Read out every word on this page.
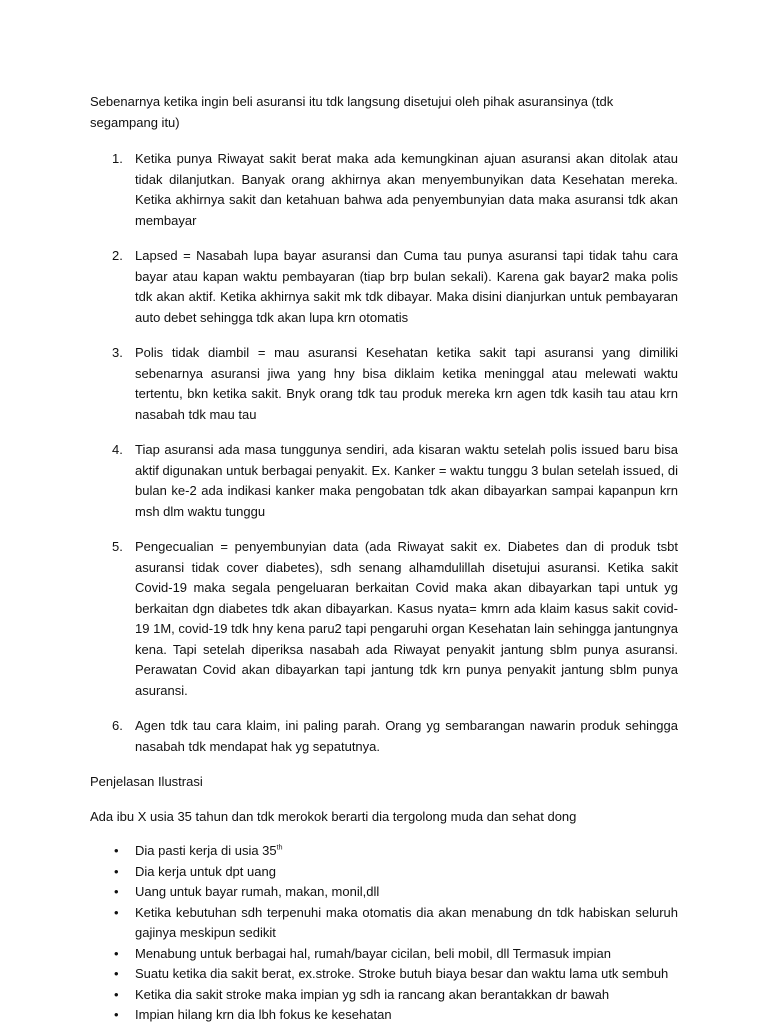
Sebenarnya ketika ingin beli asuransi itu tdk langsung disetujui oleh pihak asuransinya (tdk segampang itu)

1. Ketika punya Riwayat sakit berat maka ada kemungkinan ajuan asuransi akan ditolak atau tidak dilanjutkan. Banyak orang akhirnya akan menyembunyikan data Kesehatan mereka. Ketika akhirnya sakit dan ketahuan bahwa ada penyembunyian data maka asuransi tdk akan membayar
2. Lapsed = Nasabah lupa bayar asuransi dan Cuma tau punya asuransi tapi tidak tahu cara bayar atau kapan waktu pembayaran (tiap brp bulan sekali). Karena gak bayar2 maka polis tdk akan aktif. Ketika akhirnya sakit mk tdk dibayar. Maka disini dianjurkan untuk pembayaran auto debet sehingga tdk akan lupa krn otomatis
3. Polis tidak diambil = mau asuransi Kesehatan ketika sakit tapi asuransi yang dimiliki sebenarnya asuransi jiwa yang hny bisa diklaim ketika meninggal atau melewati waktu tertentu, bkn ketika sakit. Bnyk orang tdk tau produk mereka krn agen tdk kasih tau atau krn nasabah tdk mau tau
4. Tiap asuransi ada masa tunggunya sendiri, ada kisaran waktu setelah polis issued baru bisa aktif digunakan untuk berbagai penyakit. Ex. Kanker = waktu tunggu 3 bulan setelah issued, di bulan ke-2 ada indikasi kanker maka pengobatan tdk akan dibayarkan sampai kapanpun krn msh dlm waktu tunggu
5. Pengecualian = penyembunyian data (ada Riwayat sakit ex. Diabetes dan di produk tsbt asuransi tidak cover diabetes), sdh senang alhamdulillah disetujui asuransi. Ketika sakit Covid-19 maka segala pengeluaran berkaitan Covid maka akan dibayarkan tapi untuk yg berkaitan dgn diabetes tdk akan dibayarkan. Kasus nyata= kmrn ada klaim kasus sakit covid-19 1M, covid-19 tdk hny kena paru2 tapi pengaruhi organ Kesehatan lain sehingga jantungnya kena. Tapi setelah diperiksa nasabah ada Riwayat penyakit jantung sblm punya asuransi. Perawatan Covid akan dibayarkan tapi jantung tdk krn punya penyakit jantung sblm punya asuransi.
6. Agen tdk tau cara klaim, ini paling parah. Orang yg sembarangan nawarin produk sehingga nasabah tdk mendapat hak yg sepatutnya.

Penjelasan Ilustrasi

Ada ibu X usia 35 tahun dan tdk merokok berarti dia tergolong muda dan sehat dong

• Dia pasti kerja di usia 35th
• Dia kerja untuk dpt uang
• Uang untuk bayar rumah, makan, monil,dll
• Ketika kebutuhan sdh terpenuhi maka otomatis dia akan menabung dn tdk habiskan seluruh gajinya meskipun sedikit
• Menabung untuk berbagai hal, rumah/bayar cicilan, beli mobil, dll Termasuk impian
• Suatu ketika dia sakit berat, ex.stroke. Stroke butuh biaya besar dan waktu lama utk sembuh
• Ketika dia sakit stroke maka impian yg sdh ia rancang akan berantakkan dr bawah
• Impian hilang krn dia lbh fokus ke kesehatan
